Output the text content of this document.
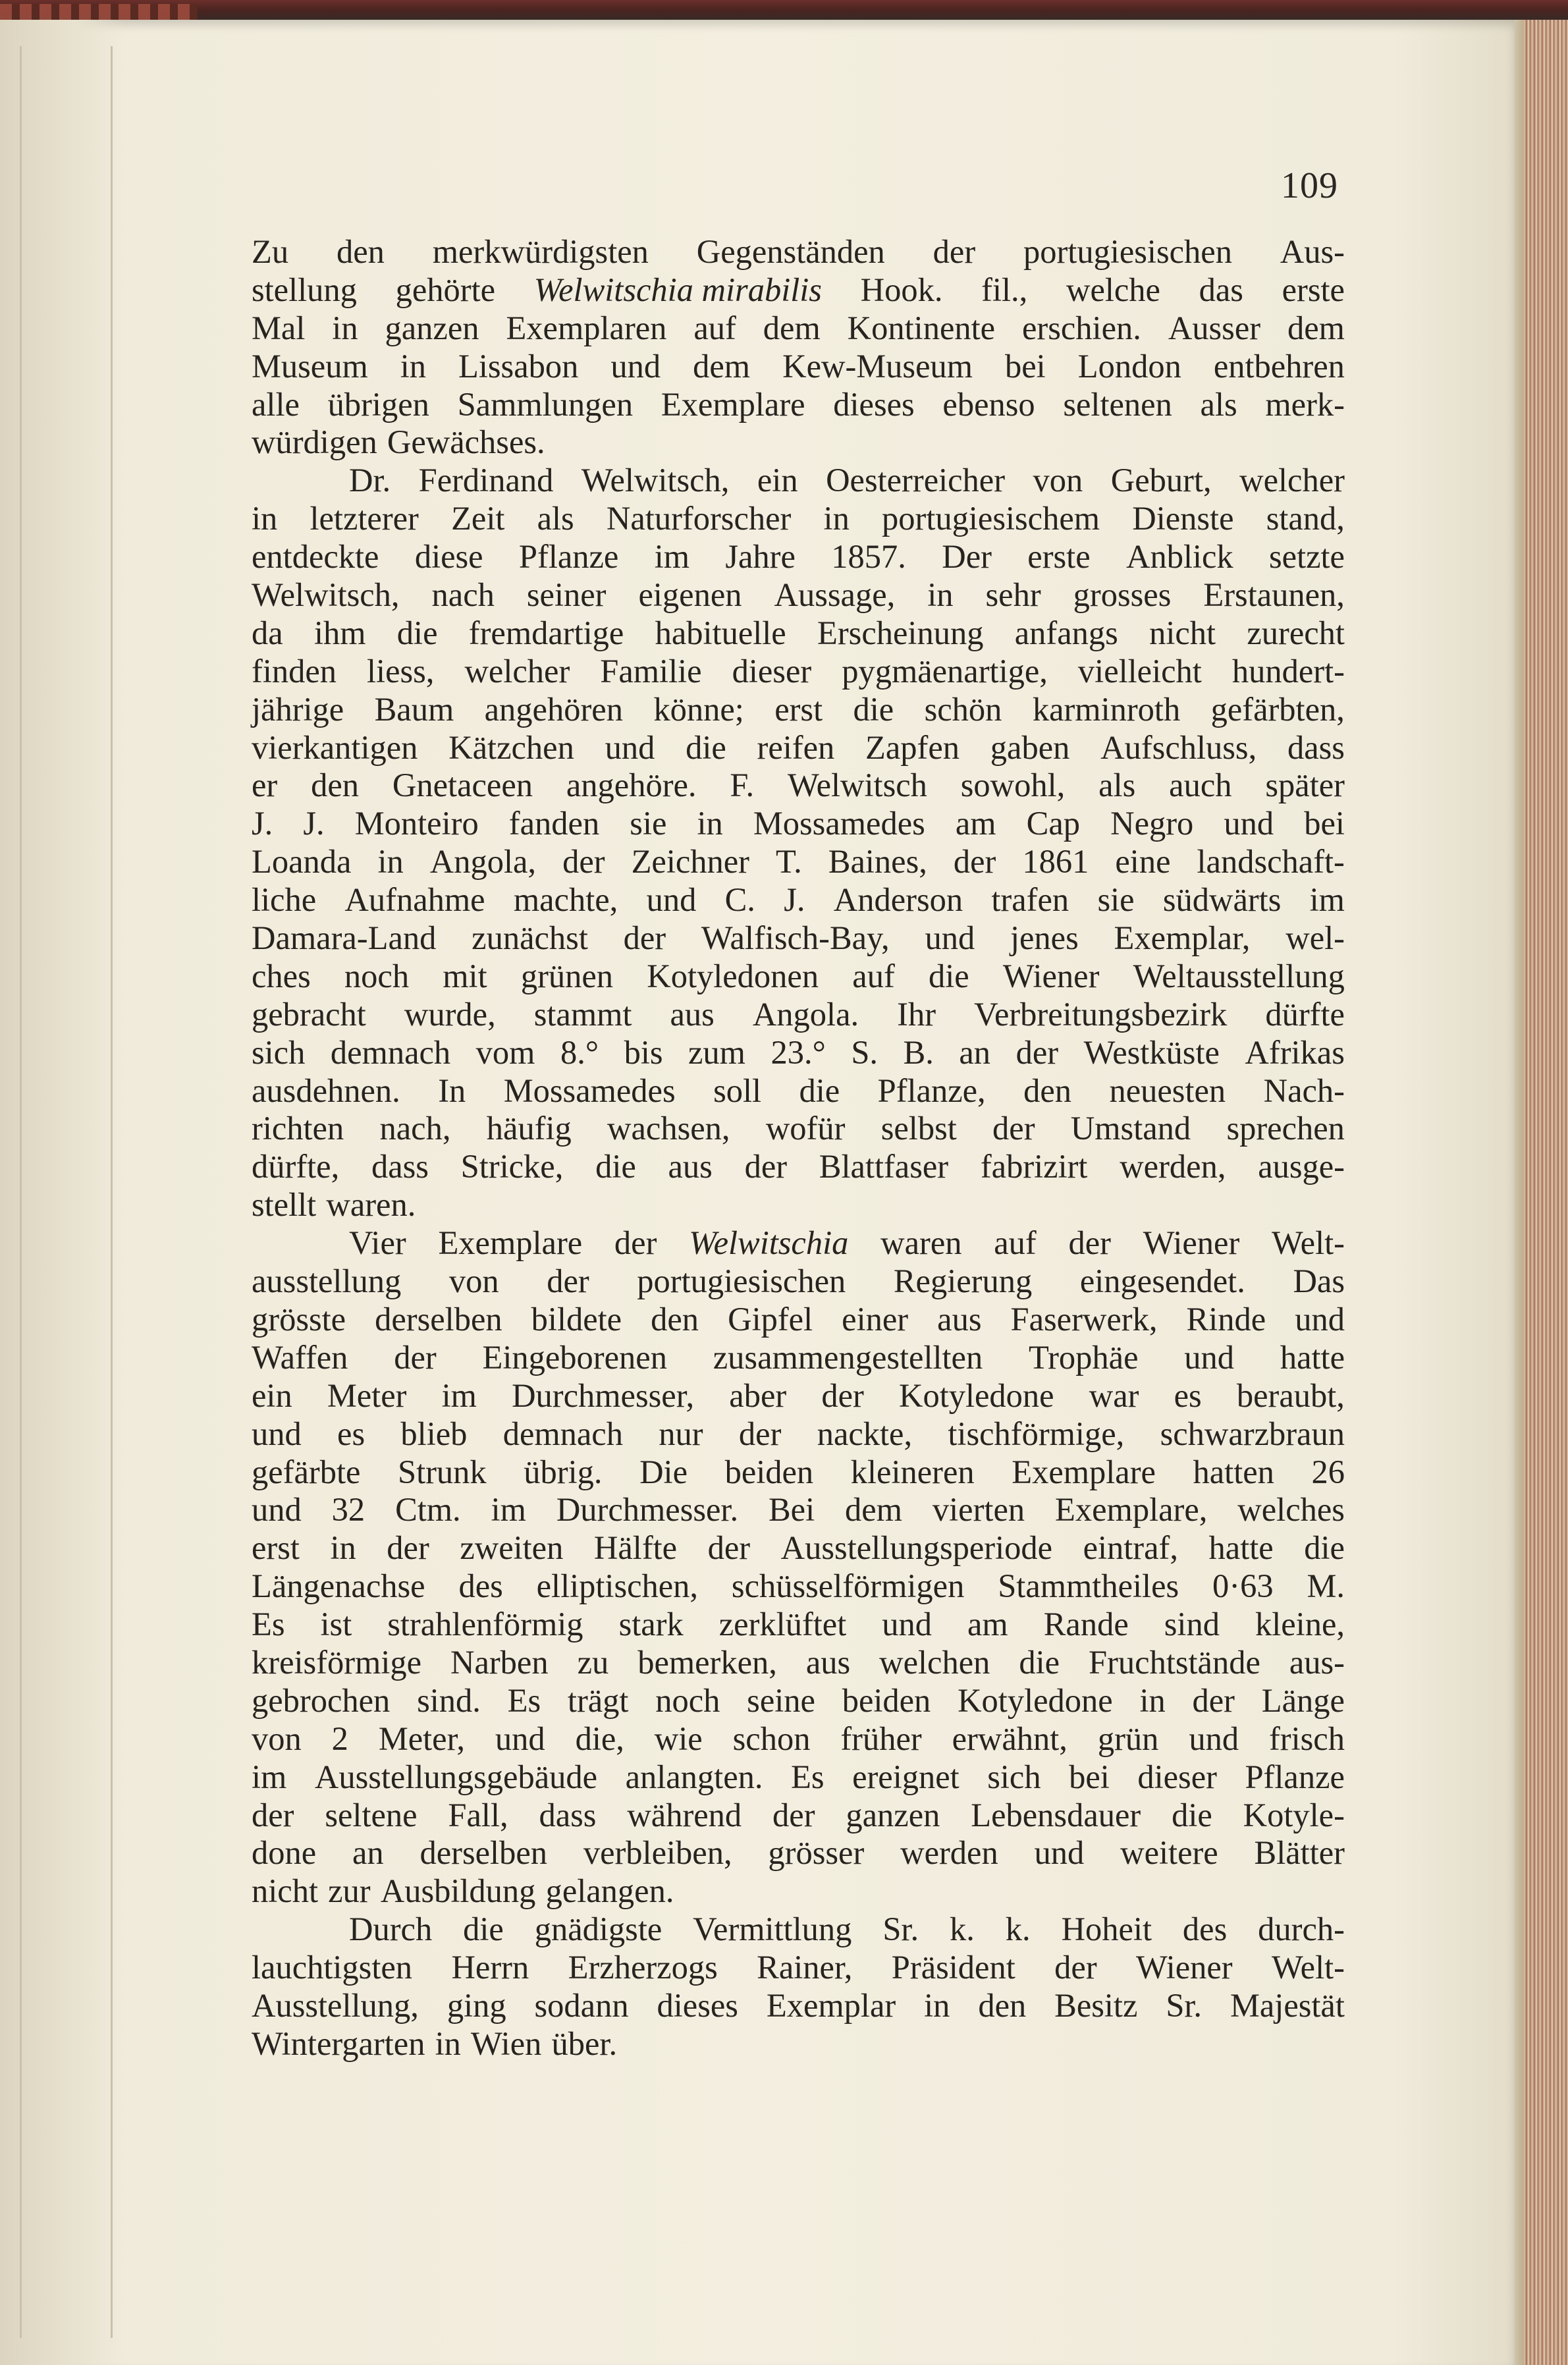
109
Zu den merkwürdigsten Gegenständen der portugiesischen Aus-
stellung gehörte Welwitschia mirabilis Hook. fil., welche das erste
Mal in ganzen Exemplaren auf dem Kontinente erschien. Ausser dem
Museum in Lissabon und dem Kew-Museum bei London entbehren
alle übrigen Sammlungen Exemplare dieses ebenso seltenen als merk-
würdigen Gewächses.
Dr. Ferdinand Welwitsch, ein Oesterreicher von Geburt, welcher
in letzterer Zeit als Naturforscher in portugiesischem Dienste stand,
entdeckte diese Pflanze im Jahre 1857. Der erste Anblick setzte
Welwitsch, nach seiner eigenen Aussage, in sehr grosses Erstaunen,
da ihm die fremdartige habituelle Erscheinung anfangs nicht zurecht
finden liess, welcher Familie dieser pygmäenartige, vielleicht hundert-
jährige Baum angehören könne; erst die schön karminroth gefärbten,
vierkantigen Kätzchen und die reifen Zapfen gaben Aufschluss, dass
er den Gnetaceen angehöre. F. Welwitsch sowohl, als auch später
J. J. Monteiro fanden sie in Mossamedes am Cap Negro und bei
Loanda in Angola, der Zeichner T. Baines, der 1861 eine landschaft-
liche Aufnahme machte, und C. J. Anderson trafen sie südwärts im
Damara-Land zunächst der Walfisch-Bay, und jenes Exemplar, wel-
ches noch mit grünen Kotyledonen auf die Wiener Weltausstellung
gebracht wurde, stammt aus Angola. Ihr Verbreitungsbezirk dürfte
sich demnach vom 8.° bis zum 23.° S. B. an der Westküste Afrikas
ausdehnen. In Mossamedes soll die Pflanze, den neuesten Nach-
richten nach, häufig wachsen, wofür selbst der Umstand sprechen
dürfte, dass Stricke, die aus der Blattfaser fabrizirt werden, ausge-
stellt waren.
Vier Exemplare der Welwitschia waren auf der Wiener Welt-
ausstellung von der portugiesischen Regierung eingesendet. Das
grösste derselben bildete den Gipfel einer aus Faserwerk, Rinde und
Waffen der Eingeborenen zusammengestellten Trophäe und hatte
ein Meter im Durchmesser, aber der Kotyledone war es beraubt,
und es blieb demnach nur der nackte, tischförmige, schwarzbraun
gefärbte Strunk übrig. Die beiden kleineren Exemplare hatten 26
und 32 Ctm. im Durchmesser. Bei dem vierten Exemplare, welches
erst in der zweiten Hälfte der Ausstellungsperiode eintraf, hatte die
Längenachse des elliptischen, schüsselförmigen Stammtheiles 0·63 M.
Es ist strahlenförmig stark zerklüftet und am Rande sind kleine,
kreisförmige Narben zu bemerken, aus welchen die Fruchtstände aus-
gebrochen sind. Es trägt noch seine beiden Kotyledone in der Länge
von 2 Meter, und die, wie schon früher erwähnt, grün und frisch
im Ausstellungsgebäude anlangten. Es ereignet sich bei dieser Pflanze
der seltene Fall, dass während der ganzen Lebensdauer die Kotyle-
done an derselben verbleiben, grösser werden und weitere Blätter
nicht zur Ausbildung gelangen.
Durch die gnädigste Vermittlung Sr. k. k. Hoheit des durch-
lauchtigsten Herrn Erzherzogs Rainer, Präsident der Wiener Welt-
Ausstellung, ging sodann dieses Exemplar in den Besitz Sr. Majestät
Wintergarten in Wien über.
